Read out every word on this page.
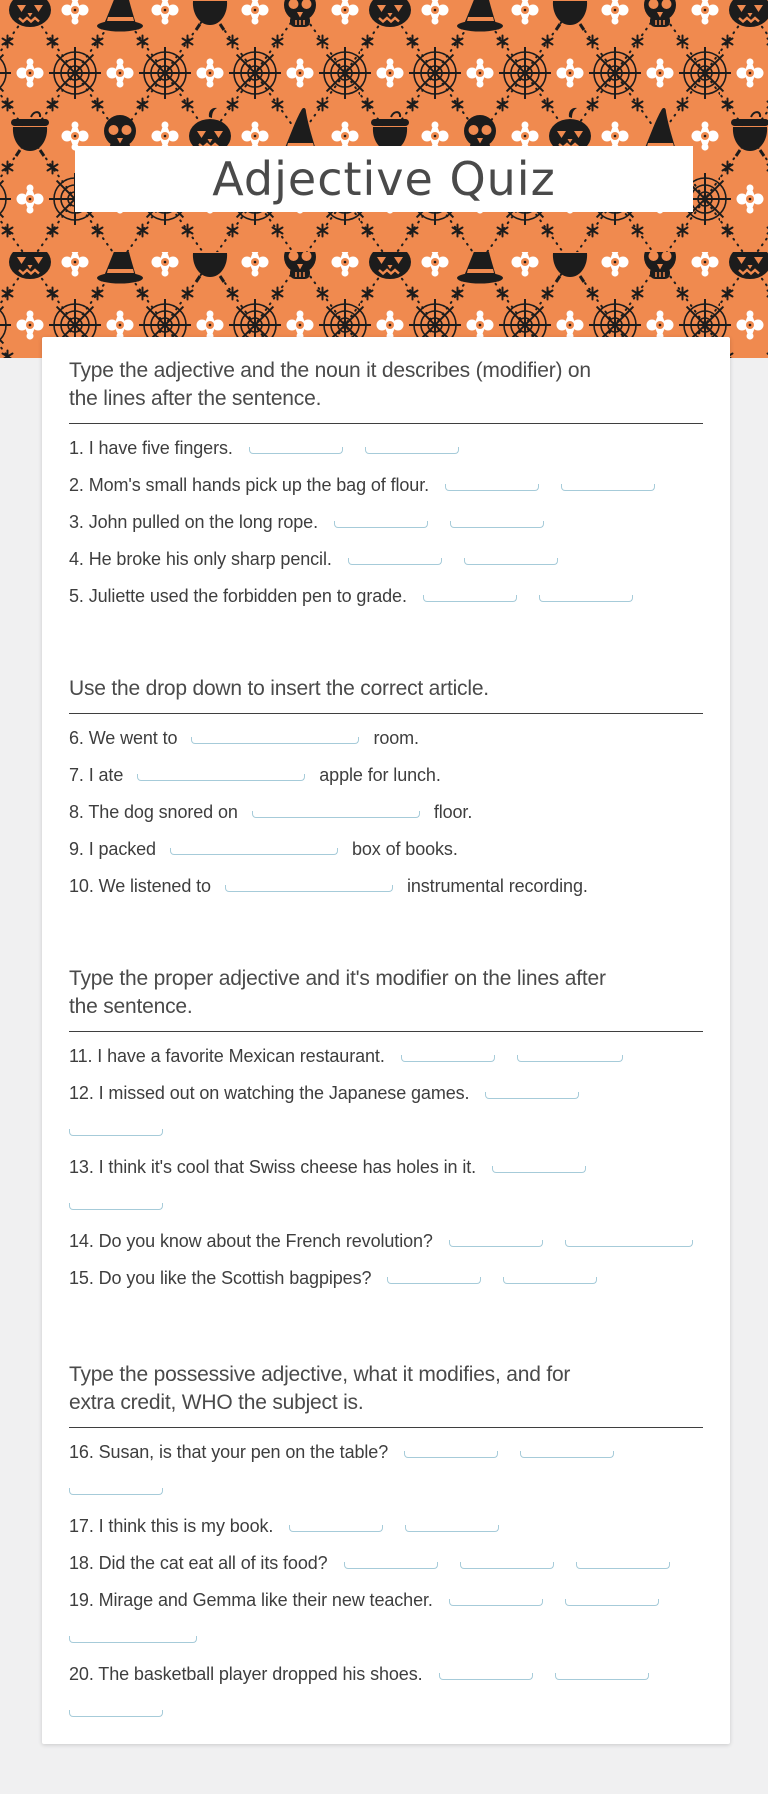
Adjective Quiz
Type the adjective and the noun it describes (modifier) on
the lines after the sentence.
1. I have five fingers.
2. Mom's small hands pick up the bag of flour.
3. John pulled on the long rope.
4. He broke his only sharp pencil.
5. Juliette used the forbidden pen to grade.
Use the drop down to insert the correct article.
6. We went to	room.
7. I ate	apple for lunch.
8. The dog snored on	floor.
9. I packed	box of books.
10. We listened to	instrumental recording.
Type the proper adjective and it's modifier on the lines after
the sentence.
11. I have a favorite Mexican restaurant.
12. I missed out on watching the Japanese games.
13. I think it's cool that Swiss cheese has holes in it.
14. Do you know about the French revolution?
15. Do you like the Scottish bagpipes?
Type the possessive adjective, what it modifies, and for
extra credit, WHO the subject is.
16. Susan, is that your pen on the table?
17. I think this is my book.
18. Did the cat eat all of its food?
19. Mirage and Gemma like their new teacher.
20. The basketball player dropped his shoes.
